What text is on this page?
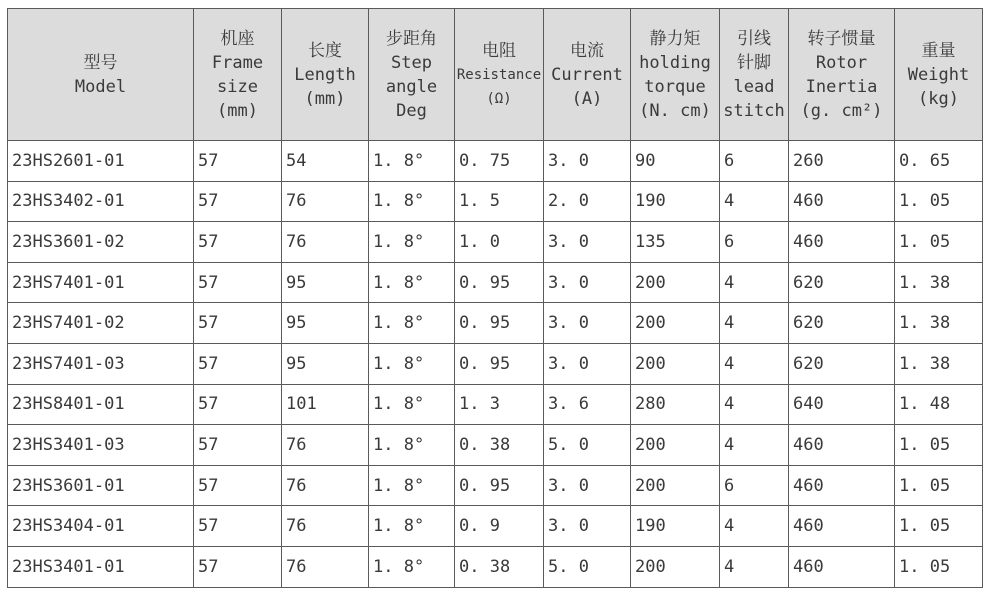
型号
Model	机座
Frame
size
(mm)	长度
Length
(mm)	步距角
Step
angle
Deg	电阻
Resistance
(Ω)	电流
Current
(A)	静力矩
holding
torque
(N. cm)	引线
针脚
lead
stitch	转子惯量
Rotor
Inertia
(g. cm²)	重量
Weight
(kg)

23HS2601-01	57	54	1. 8°	0. 75	3. 0	90	6	260	0. 65
23HS3402-01	57	76	1. 8°	1. 5	2. 0	190	4	460	1. 05
23HS3601-02	57	76	1. 8°	1. 0	3. 0	135	6	460	1. 05
23HS7401-01	57	95	1. 8°	0. 95	3. 0	200	4	620	1. 38
23HS7401-02	57	95	1. 8°	0. 95	3. 0	200	4	620	1. 38
23HS7401-03	57	95	1. 8°	0. 95	3. 0	200	4	620	1. 38
23HS8401-01	57	101	1. 8°	1. 3	3. 6	280	4	640	1. 48
23HS3401-03	57	76	1. 8°	0. 38	5. 0	200	4	460	1. 05
23HS3601-01	57	76	1. 8°	0. 95	3. 0	200	6	460	1. 05
23HS3404-01	57	76	1. 8°	0. 9	3. 0	190	4	460	1. 05
23HS3401-01	57	76	1. 8°	0. 38	5. 0	200	4	460	1. 05
